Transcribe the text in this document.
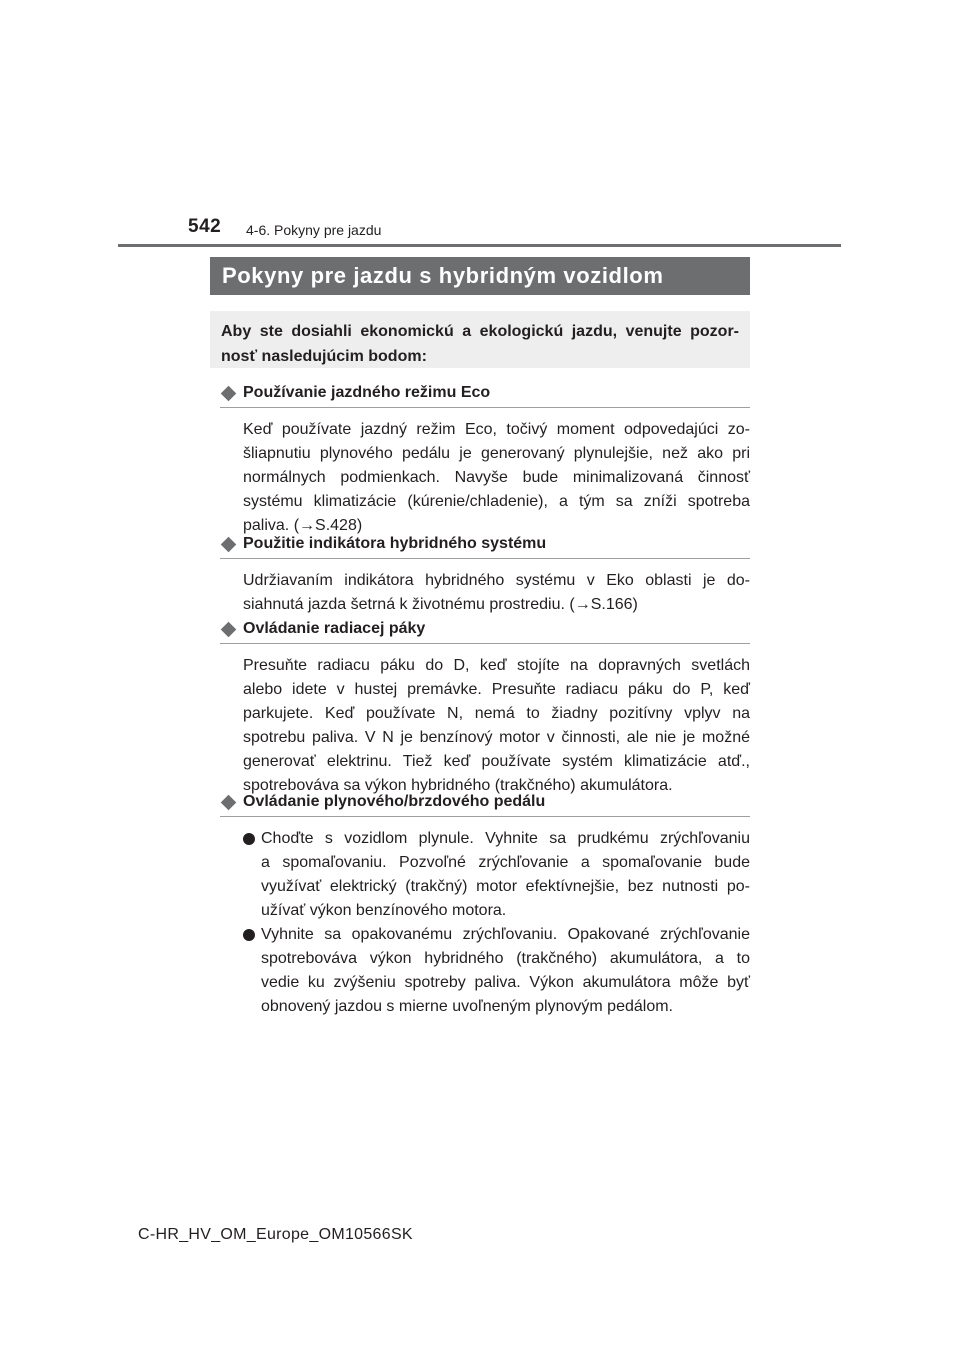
542 4-6. Pokyny pre jazdu
Pokyny pre jazdu s hybridným vozidlom
Aby ste dosiahli ekonomickú a ekologickú jazdu, venujte pozor-
nosť nasledujúcim bodom:
Používanie jazdného režimu Eco
Keď používate jazdný režim Eco, točivý moment odpovedajúci zo-
šliapnutiu plynového pedálu je generovaný plynulejšie, než ako pri
normálnych podmienkach. Navyše bude minimalizovaná činnosť
systému klimatizácie (kúrenie/chladenie), a tým sa zníži spotreba
paliva. (→S.428)
Použitie indikátora hybridného systému
Udržiavaním indikátora hybridného systému v Eko oblasti je do-
siahnutá jazda šetrná k životnému prostrediu. (→S.166)
Ovládanie radiacej páky
Presuňte radiacu páku do D, keď stojíte na dopravných svetlách
alebo idete v hustej premávke. Presuňte radiacu páku do P, keď
parkujete. Keď používate N, nemá to žiadny pozitívny vplyv na
spotrebu paliva. V N je benzínový motor v činnosti, ale nie je možné
generovať elektrinu. Tiež keď používate systém klimatizácie atď.,
spotrebováva sa výkon hybridného (trakčného) akumulátora.
Ovládanie plynového/brzdového pedálu
Choďte s vozidlom plynule. Vyhnite sa prudkému zrýchľovaniu
a spomaľovaniu. Pozvoľné zrýchľovanie a spomaľovanie bude
využívať elektrický (trakčný) motor efektívnejšie, bez nutnosti po-
užívať výkon benzínového motora.
Vyhnite sa opakovanému zrýchľovaniu. Opakované zrýchľovanie
spotrebováva výkon hybridného (trakčného) akumulátora, a to
vedie ku zvýšeniu spotreby paliva. Výkon akumulátora môže byť
obnovený jazdou s mierne uvoľneným plynovým pedálom.
C-HR_HV_OM_Europe_OM10566SK
